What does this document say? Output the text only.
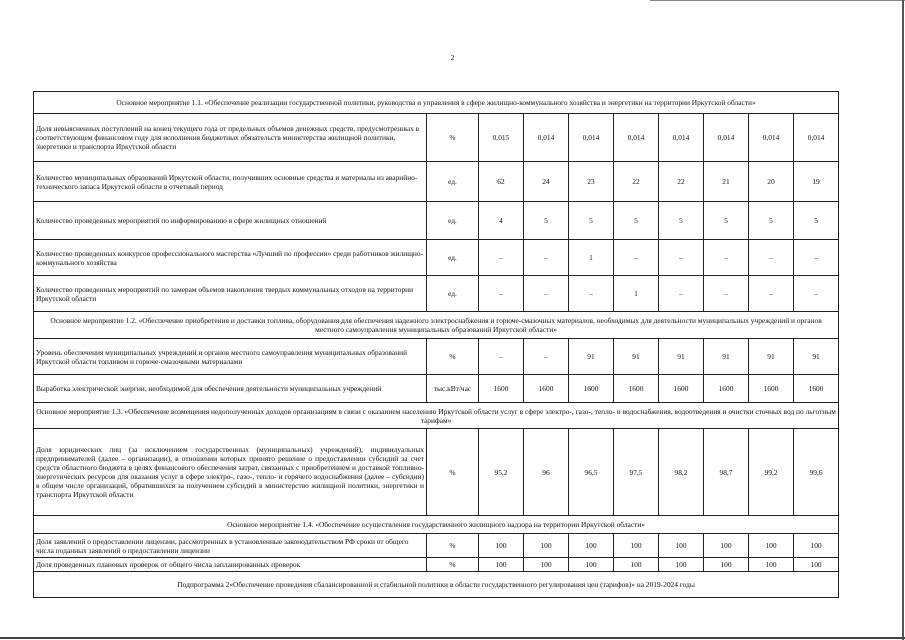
2
Основное мероприятие 1.1. «Обеспечение реализации государственной политики, руководства и управления в сфере жилищно-коммунального хозяйства и энергетики на территории Иркутской области»									
Доля невыясненных поступлений на конец текущего года от предельных объемов денежных средств, предусмотренных в соответствующем финансовом году для исполнения бюджетных обязательств министерства жилищной политики, энергетики и транспорта Иркутской области	%	0,015	0,014	0,014	0,014	0,014	0,014	0,014	0,014
Количество муниципальных образований Иркутской области, получивших основные средства и материалы из аварийно-технического запаса Иркутской области в отчетный период	ед.	62	24	23	22	22	21	20	19
Количество проведенных мероприятий по информированию в сфере жилищных отношений	ед.	4	5	5	5	5	5	5	5
Количество проведенных конкурсов профессионального мастерства «Лучший по профессии» среди работников жилищно-коммунального хозяйства	ед.	–	–	1	–	–	–	–	–
Количество проведенных мероприятий по замерам объемов накопления твердых коммунальных отходов на территории Иркутской области	ед.	–	–	–	1	–	–	–	–
Основное мероприятие 1.2. «Обеспечение приобретения и доставки топлива, оборудования для обеспечения надежного электроснабжения и горюче-смазочных материалов, необходимых для деятельности муниципальных учреждений и органов местного самоуправления муниципальных образований Иркутской области»									
Уровень обеспечения муниципальных учреждений и органов местного самоуправления муниципальных образований Иркутской области топливом и горюче-смазочными материалами	%	–	–	91	91	91	91	91	91
Выработка электрической энергии, необходимой для обеспечения деятельности муниципальных учреждений	тыс.кВт/час	1600	1600	1600	1600	1600	1600	1600	1600
Основное мероприятие 1.3. «Обеспечение возмещения недополученных доходов организациям в связи с оказанием населению Иркутской области услуг в сфере электро-, газо-, тепло- и водоснабжения, водоотведения и очистки сточных вод по льготным тарифам»									
Доля юридических лиц (за исключением государственных (муниципальных) учреждений), индивидуальных предпринимателей (далее – организации), в отношении которых принято решение о предоставлении субсидий за счет средств областного бюджета в целях финансового обеспечения затрат, связанных с приобретением и доставкой топливно-энергетических ресурсов для оказания услуг в сфере электро-, газо-, тепло- и горячего водоснабжения (далее – субсидии) в общем числе организаций, обратившихся за получением субсидий в министерство жилищной политики, энергетики и транспорта Иркутской области	%	95,2	96	96,5	97,5	98,2	98,7	99,2	99,6
Основное мероприятие 1.4. «Обеспечение осуществления государственного жилищного надзора на территории Иркутской области»									
Доля заявлений о предоставлении лицензии, рассмотренных в установленные законодательством РФ сроки от общего числа поданных заявлений о предоставлении лицензии	%	100	100	100	100	100	100	100	100
Доля проведенных плановых проверок от общего числа запланированных проверок	%	100	100	100	100	100	100	100	100
Подпрограмма 2«Обеспечение проведения сбалансированной и стабильной политики в области государственного регулирования цен (тарифов)» на 2019-2024 годы									
